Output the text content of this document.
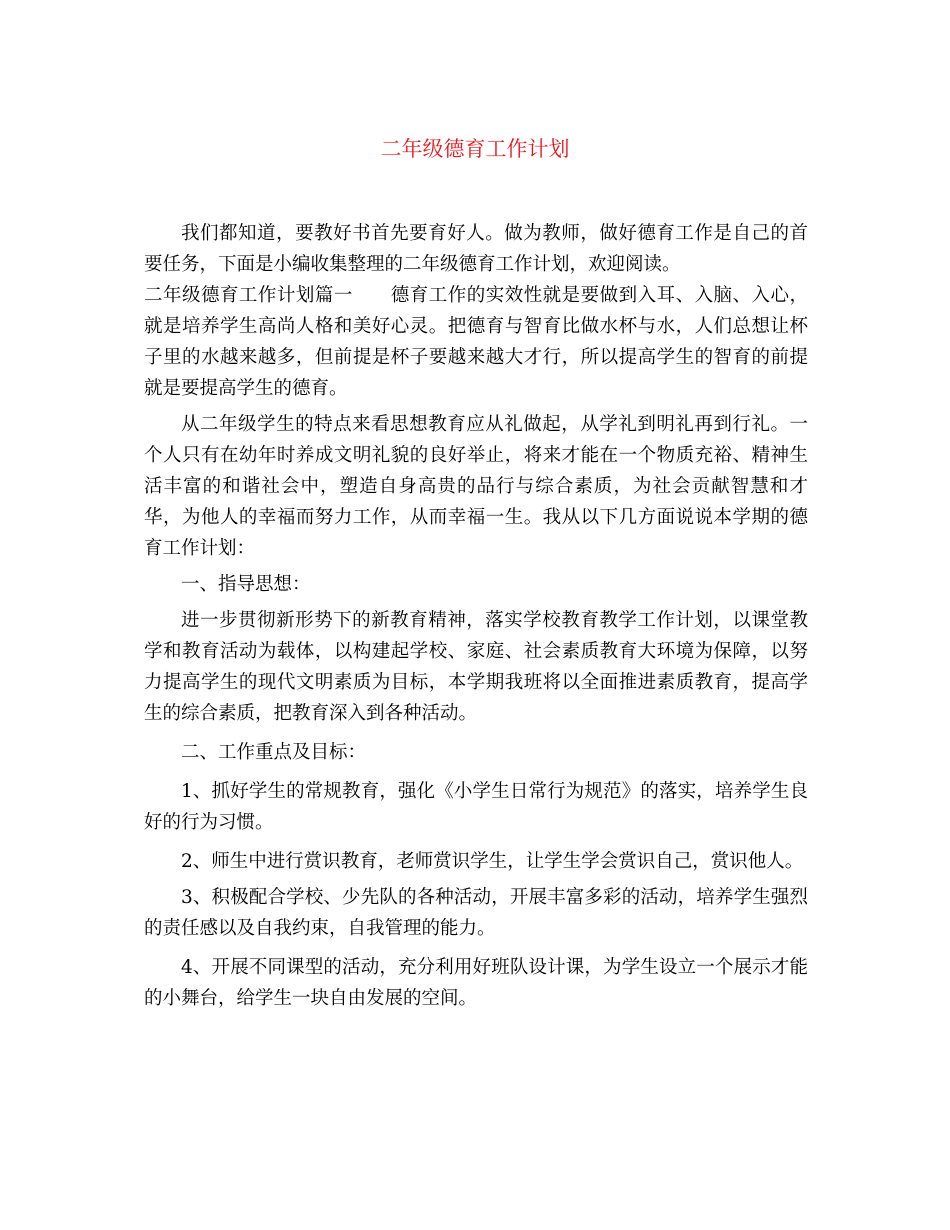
二年级德育工作计划

我们都知道，要教好书首先要育好人。做为教师，做好德育工作是自己的首要任务，下面是小编收集整理的二年级德育工作计划，欢迎阅读。

二年级德育工作计划篇一　　德育工作的实效性就是要做到入耳、入脑、入心，就是培养学生高尚人格和美好心灵。把德育与智育比做水杯与水，人们总想让杯子里的水越来越多，但前提是杯子要越来越大才行，所以提高学生的智育的前提就是要提高学生的德育。

从二年级学生的特点来看思想教育应从礼做起，从学礼到明礼再到行礼。一个人只有在幼年时养成文明礼貌的良好举止，将来才能在一个物质充裕、精神生活丰富的和谐社会中，塑造自身高贵的品行与综合素质，为社会贡献智慧和才华，为他人的幸福而努力工作，从而幸福一生。我从以下几方面说说本学期的德育工作计划：

一、指导思想：

进一步贯彻新形势下的新教育精神，落实学校教育教学工作计划，以课堂教学和教育活动为载体，以构建起学校、家庭、社会素质教育大环境为保障，以努力提高学生的现代文明素质为目标，本学期我班将以全面推进素质教育，提高学生的综合素质，把教育深入到各种活动。

二、工作重点及目标：

1、抓好学生的常规教育，强化《小学生日常行为规范》的落实，培养学生良好的行为习惯。

2、师生中进行赏识教育，老师赏识学生，让学生学会赏识自己，赏识他人。

3、积极配合学校、少先队的各种活动，开展丰富多彩的活动，培养学生强烈的责任感以及自我约束，自我管理的能力。

4、开展不同课型的活动，充分利用好班队设计课，为学生设立一个展示才能的小舞台，给学生一块自由发展的空间。
